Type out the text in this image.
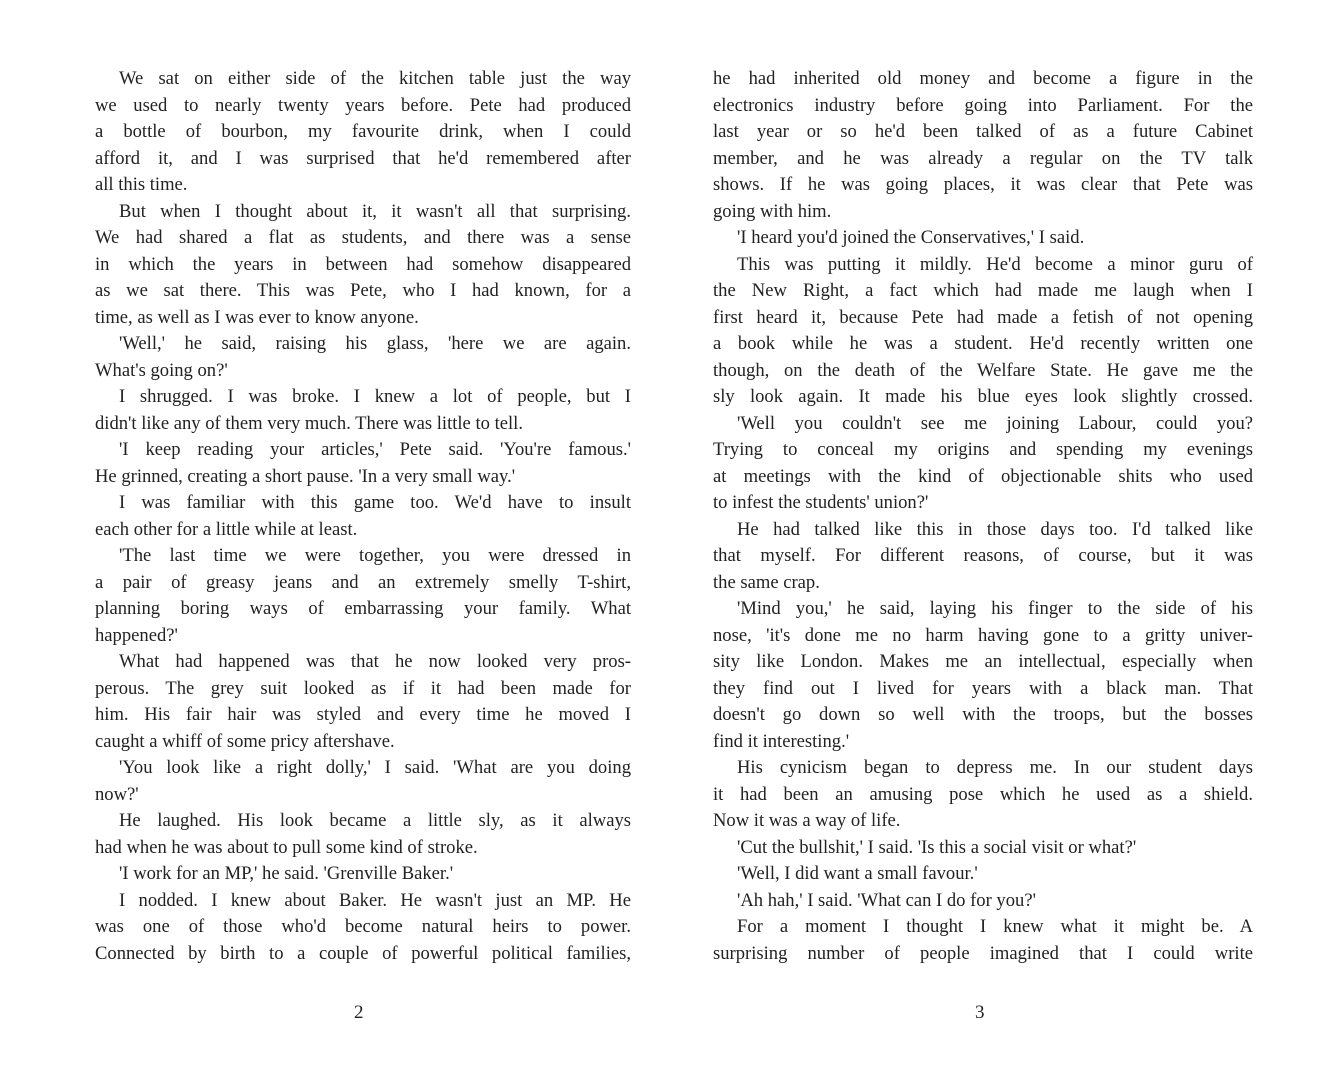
We sat on either side of the kitchen table just the way
we used to nearly twenty years before. Pete had produced
a bottle of bourbon, my favourite drink, when I could
afford it, and I was surprised that he'd remembered after
all this time.
But when I thought about it, it wasn't all that surprising.
We had shared a flat as students, and there was a sense
in which the years in between had somehow disappeared
as we sat there. This was Pete, who I had known, for a
time, as well as I was ever to know anyone.
'Well,' he said, raising his glass, 'here we are again.
What's going on?'
I shrugged. I was broke. I knew a lot of people, but I
didn't like any of them very much. There was little to tell.
'I keep reading your articles,' Pete said. 'You're famous.'
He grinned, creating a short pause. 'In a very small way.'
I was familiar with this game too. We'd have to insult
each other for a little while at least.
'The last time we were together, you were dressed in
a pair of greasy jeans and an extremely smelly T-shirt,
planning boring ways of embarrassing your family. What
happened?'
What had happened was that he now looked very pros-
perous. The grey suit looked as if it had been made for
him. His fair hair was styled and every time he moved I
caught a whiff of some pricy aftershave.
'You look like a right dolly,' I said. 'What are you doing
now?'
He laughed. His look became a little sly, as it always
had when he was about to pull some kind of stroke.
'I work for an MP,' he said. 'Grenville Baker.'
I nodded. I knew about Baker. He wasn't just an MP. He
was one of those who'd become natural heirs to power.
Connected by birth to a couple of powerful political families,
he had inherited old money and become a figure in the
electronics industry before going into Parliament. For the
last year or so he'd been talked of as a future Cabinet
member, and he was already a regular on the TV talk
shows. If he was going places, it was clear that Pete was
going with him.
'I heard you'd joined the Conservatives,' I said.
This was putting it mildly. He'd become a minor guru of
the New Right, a fact which had made me laugh when I
first heard it, because Pete had made a fetish of not opening
a book while he was a student. He'd recently written one
though, on the death of the Welfare State. He gave me the
sly look again. It made his blue eyes look slightly crossed.
'Well you couldn't see me joining Labour, could you?
Trying to conceal my origins and spending my evenings
at meetings with the kind of objectionable shits who used
to infest the students' union?'
He had talked like this in those days too. I'd talked like
that myself. For different reasons, of course, but it was
the same crap.
'Mind you,' he said, laying his finger to the side of his
nose, 'it's done me no harm having gone to a gritty univer-
sity like London. Makes me an intellectual, especially when
they find out I lived for years with a black man. That
doesn't go down so well with the troops, but the bosses
find it interesting.'
His cynicism began to depress me. In our student days
it had been an amusing pose which he used as a shield.
Now it was a way of life.
'Cut the bullshit,' I said. 'Is this a social visit or what?'
'Well, I did want a small favour.'
'Ah hah,' I said. 'What can I do for you?'
For a moment I thought I knew what it might be. A
surprising number of people imagined that I could write
2	3
